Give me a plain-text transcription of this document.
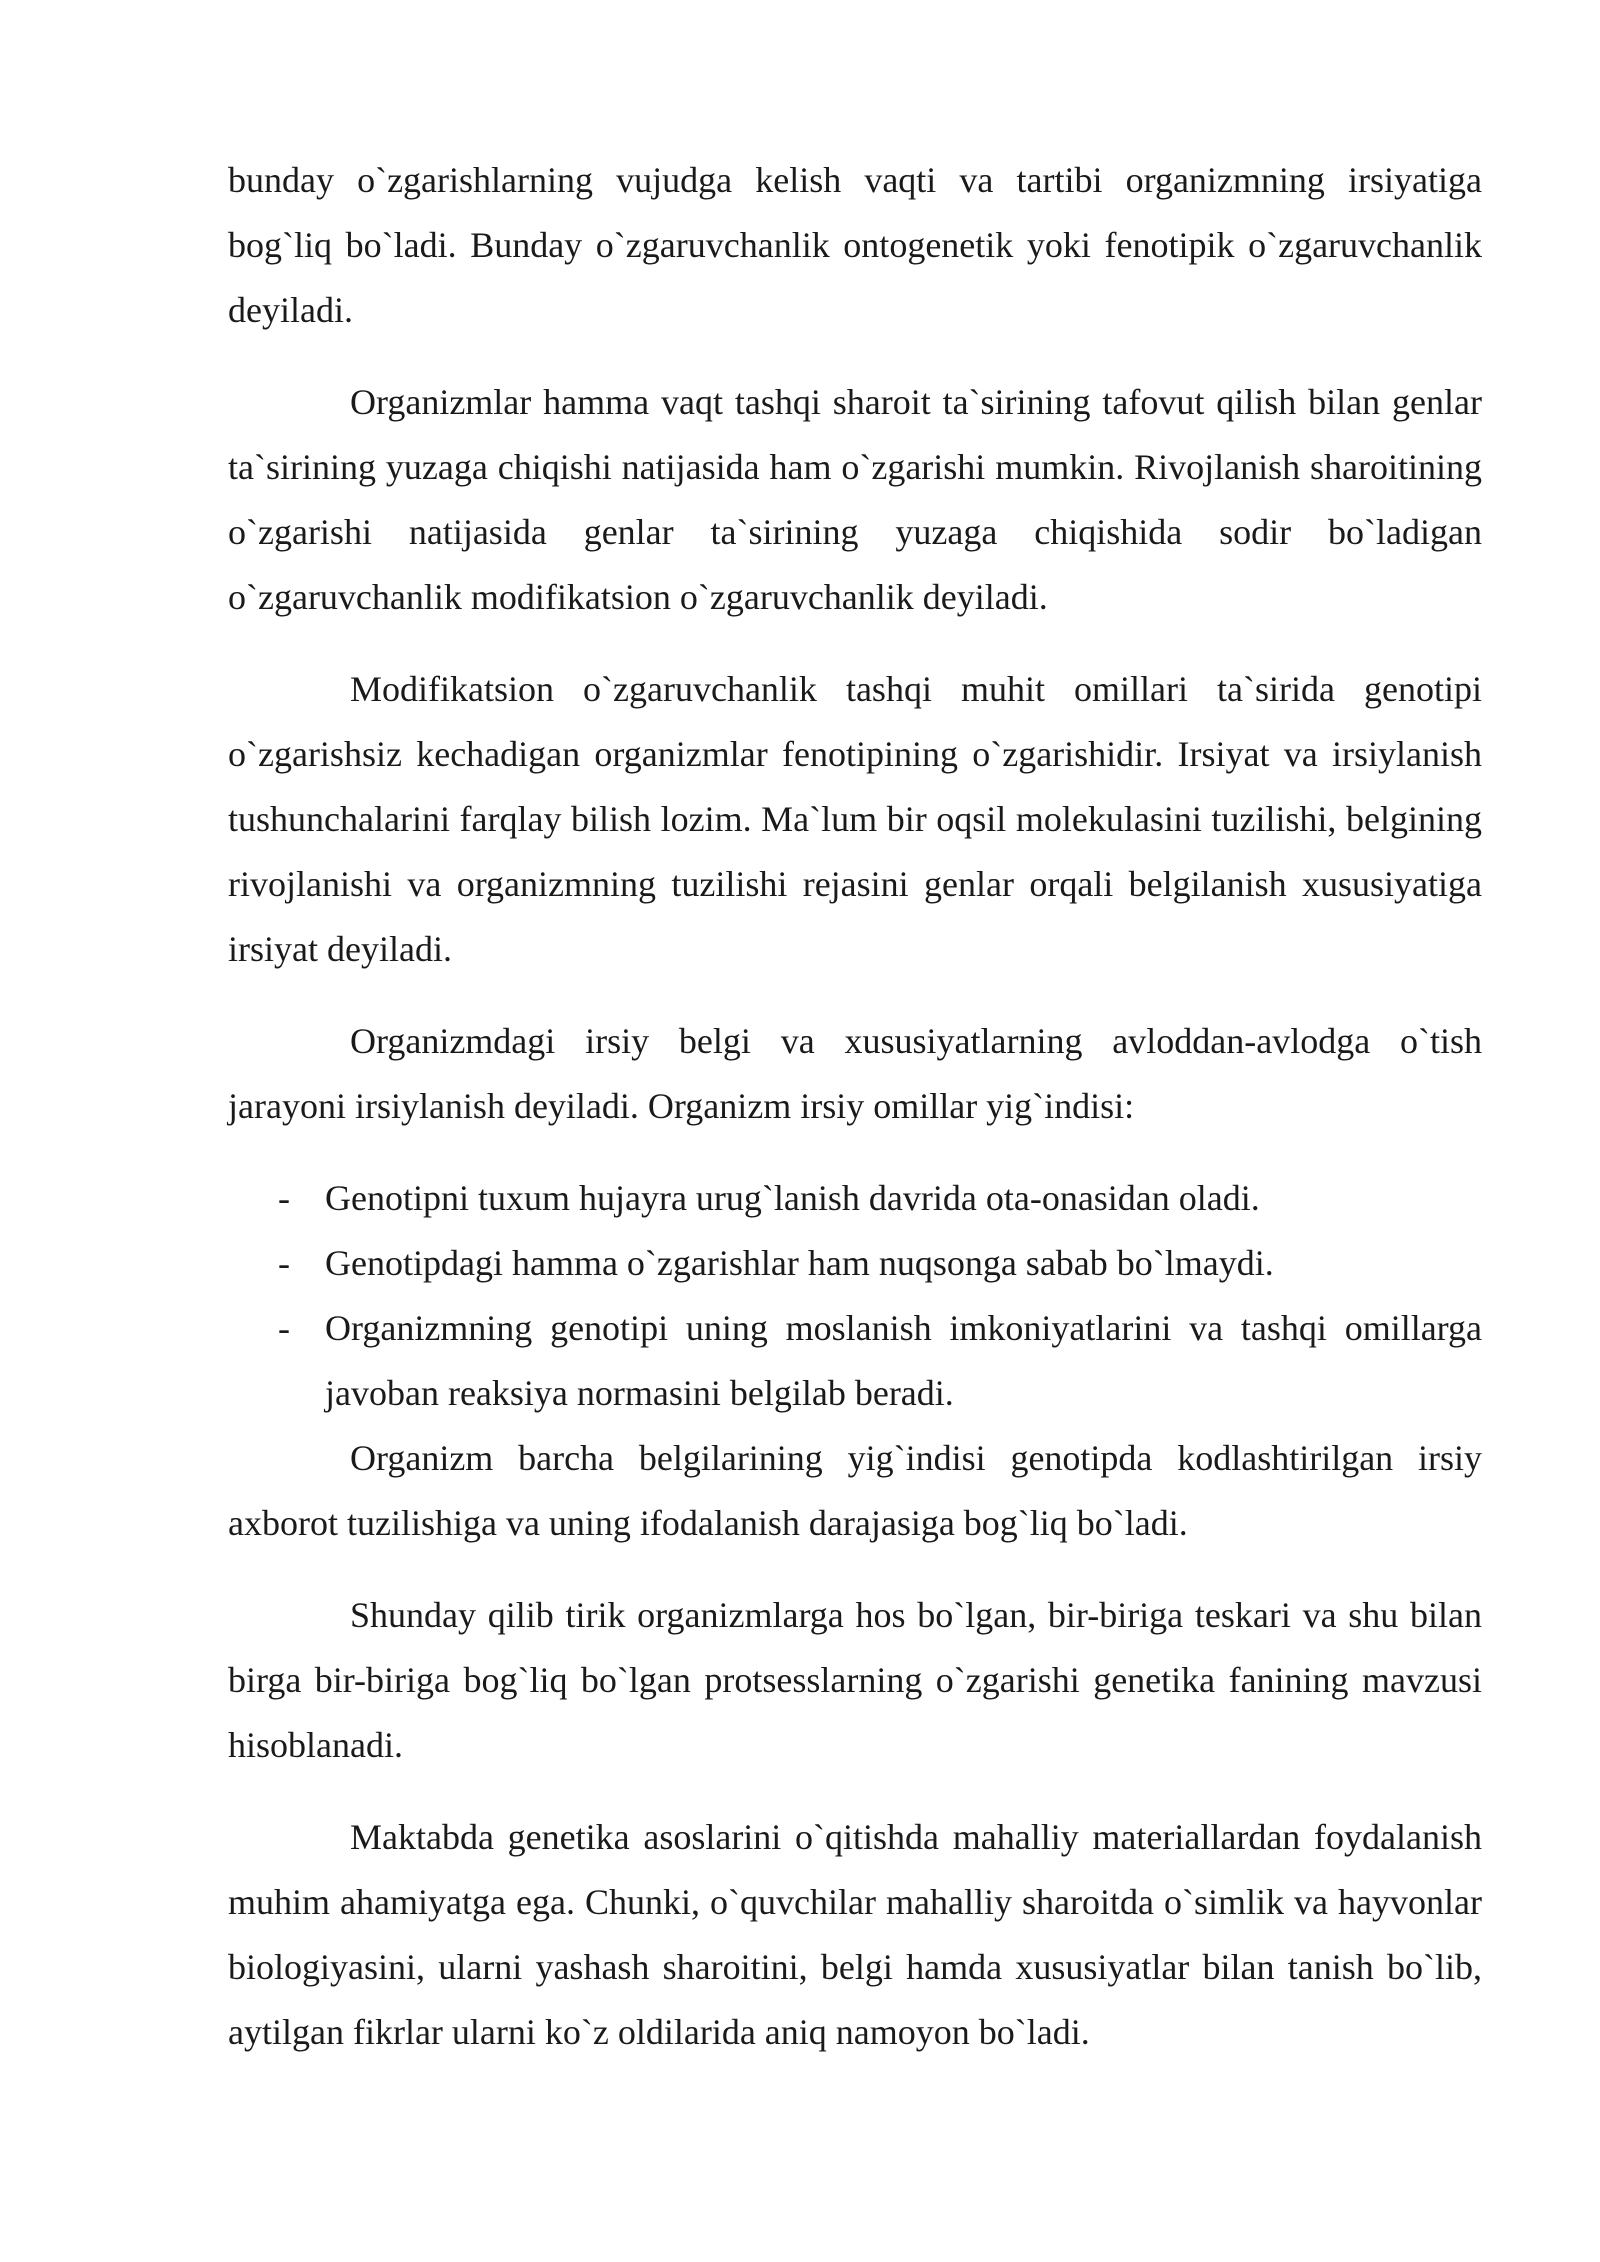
bunday o`zgarishlarning vujudga kelish vaqti va tartibi organizmning irsiyatiga bog`liq bo`ladi. Bunday o`zgaruvchanlik ontogenetik yoki fenotipik o`zgaruvchanlik deyiladi.

Organizmlar hamma vaqt tashqi sharoit ta`sirining tafovut qilish bilan genlar ta`sirining yuzaga chiqishi natijasida ham o`zgarishi mumkin. Rivojlanish sharoitining o`zgarishi natijasida genlar ta`sirining yuzaga chiqishida sodir bo`ladigan o`zgaruvchanlik modifikatsion o`zgaruvchanlik deyiladi.

Modifikatsion o`zgaruvchanlik tashqi muhit omillari ta`sirida genotipi o`zgarishsiz kechadigan organizmlar fenotipining o`zgarishidir. Irsiyat va irsiylanish tushunchalarini farqlay bilish lozim. Ma`lum bir oqsil molekulasini tuzilishi, belgining rivojlanishi va organizmning tuzilishi rejasini genlar orqali belgilanish xususiyatiga irsiyat deyiladi.

Organizmdagi irsiy belgi va xususiyatlarning avloddan-avlodga o`tish jarayoni irsiylanish deyiladi. Organizm irsiy omillar yig`indisi:

- Genotipni tuxum hujayra urug`lanish davrida ota-onasidan oladi.
- Genotipdagi hamma o`zgarishlar ham nuqsonga sabab bo`lmaydi.
- Organizmning genotipi uning moslanish imkoniyatlarini va tashqi omillarga javoban reaksiya normasini belgilab beradi.

Organizm barcha belgilarining yig`indisi genotipda kodlashtirilgan irsiy axborot tuzilishiga va uning ifodalanish darajasiga bog`liq bo`ladi.

Shunday qilib tirik organizmlarga hos bo`lgan, bir-biriga teskari va shu bilan birga bir-biriga bog`liq bo`lgan protsesslarning o`zgarishi genetika fanining mavzusi hisoblanadi.

Maktabda genetika asoslarini o`qitishda mahalliy materiallardan foydalanish muhim ahamiyatga ega. Chunki, o`quvchilar mahalliy sharoitda o`simlik va hayvonlar biologiyasini, ularni yashash sharoitini, belgi hamda xususiyatlar bilan tanish bo`lib, aytilgan fikrlar ularni ko`z oldilarida aniq namoyon bo`ladi.
